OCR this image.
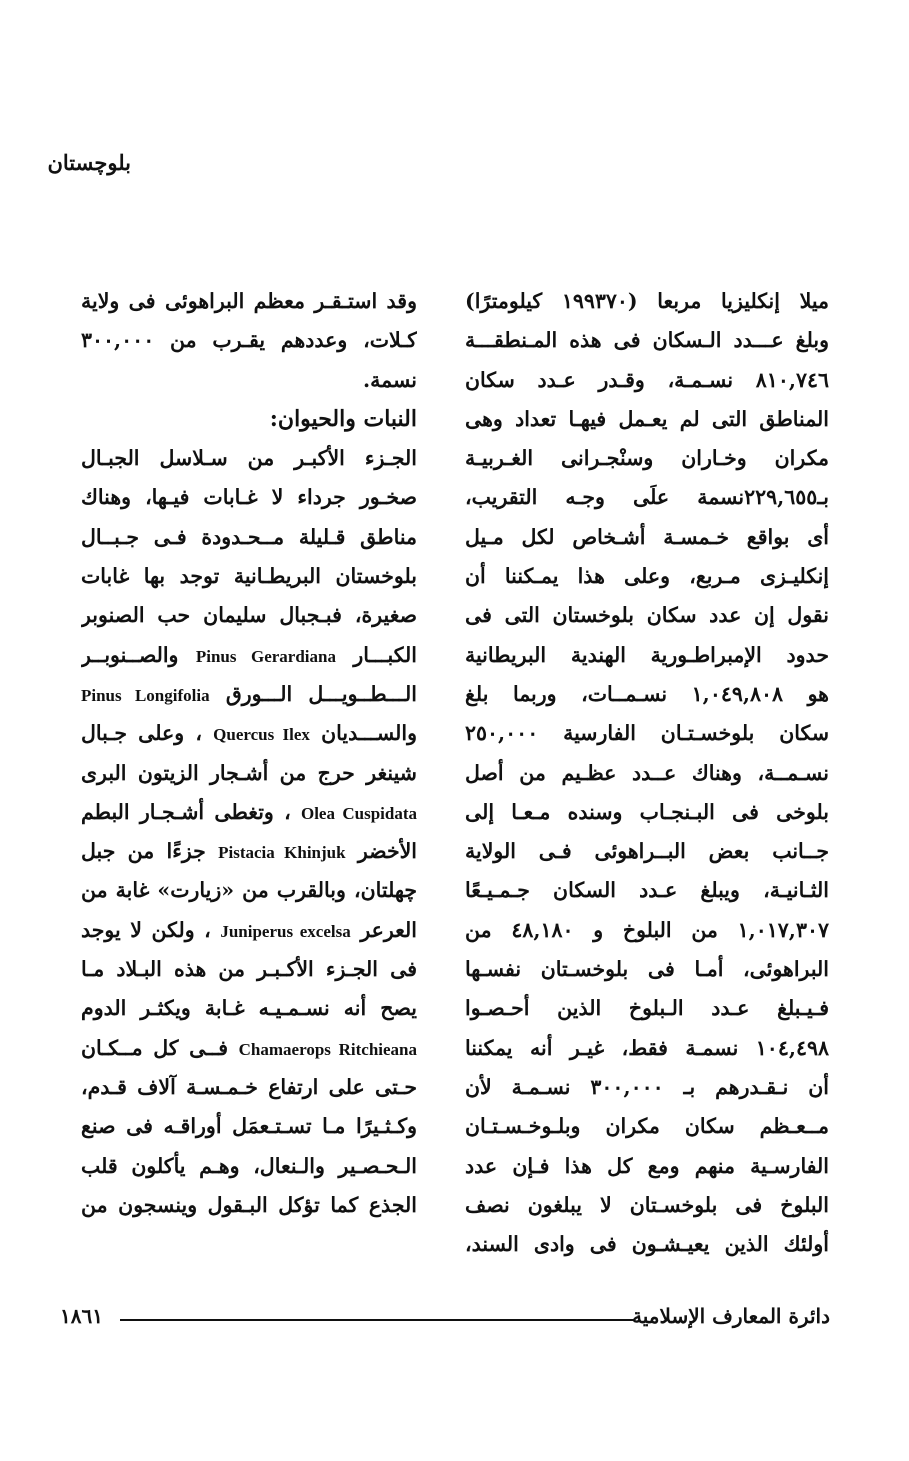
بلوچستان
ميلا إنكليزيا مربعا (١٩٩٣٧٠ كيلومترًا)
وبلغ عـــدد الـسكان فى هذه المـنطقـــة
٨١٠,٧٤٦ نسـمـة، وقـدر عـدد سكان
المناطق التى لم يعـمل فيهـا تعداد وهى
مكران وخـاران وسنْجـرانى الغـربيـة
بـ٢٢٩,٦٥٥نسمة علَى وجـه التقريب،
أى بواقع خـمسـة أشـخاص لكل مـيل
إنكليـزى مـربع، وعلى هذا يمـكننا أن
نقول إن عدد سكان بلوخستان التى فى
حدود الإمبراطـورية الهندية البريطانية
هو ١,٠٤٩,٨٠٨ نسـمــات، وربما بلغ
سكان بلوخسـتـان الفارسية ٢٥٠,٠٠٠
نسـمــة، وهناك عــدد عظـيم من أصل
بلوخى فى البـنجـاب وسنده مـعـا إلى
جــانب بعض البــراهوئى فـى الولاية
الثـانيـة، ويبلغ عـدد السكان جـمـيـعًا
١,٠١٧,٣٠٧ من البلوخ و ٤٨,١٨٠ من
البراهوئى، أمـا فى بلوخسـتان نفسـها
فـيـبلغ عـدد الـبلوخ الذين أحـصـوا
١٠٤,٤٩٨ نسمـة فقط، غيـر أنه يمكننا
أن نـقـدرهم بـ ٣٠٠,٠٠٠ نسـمـة لأن
مــعـظم سكان مكران وبلـوخـسـتـان
الفارسـية منهم ومع كل هذا فـإن عدد
البلوخ فى بلوخسـتان لا يبلغون نصف
أولئك الذين يعيـشـون فى وادى السند،
وقد استـقـر معظم البراهوئى فى ولاية
كـلات، وعددهم يقـرب من ٣٠٠,٠٠٠
نسمة.
النبات والحيوان:
الجـزء الأكبـر من سـلاسل الجبـال
صخـور جرداء لا غـابات فيـها، وهناك
مناطق قـليلة مــحـدودة فـى جـبــال
بلوخستان البريطـانية توجد بها غابات
صغيرة، فبـجبال سليمان حب الصنوبر
الكبـــار Pinus Gerardiana والصــنوبــر
الـــطــويـــل الـــورق Pinus Longifolia
والســـديان Quercus Ilex ، وعلى جـبال
شينغر حرج من أشـجار الزيتون البرى
Olea Cuspidata ، وتغطى أشـجـار البطم
الأخضر Pistacia Khinjuk جزءًا من جبل
چهلتان، وبالقرب من «زيارت» غابة من
العرعر Juniperus excelsa ، ولكن لا يوجد
فى الجـزء الأكـبـر من هذه البـلاد مـا
يصح أنه نسـمـيـه غـابة ويكثـر الدوم
Chamaerops Ritchieana فــى كل مــكـان
حـتى على ارتفاع خـمـسـة آلاف قـدم،
وكـثـيرًا مـا تسـتـعمَل أوراقـه فى صنع
الـحـصـير والـنعال، وهـم يأكلون قلب
الجذع كما تؤكل البـقول وينسجون من
١٨٦١	دائرة المعارف الإسلامية
